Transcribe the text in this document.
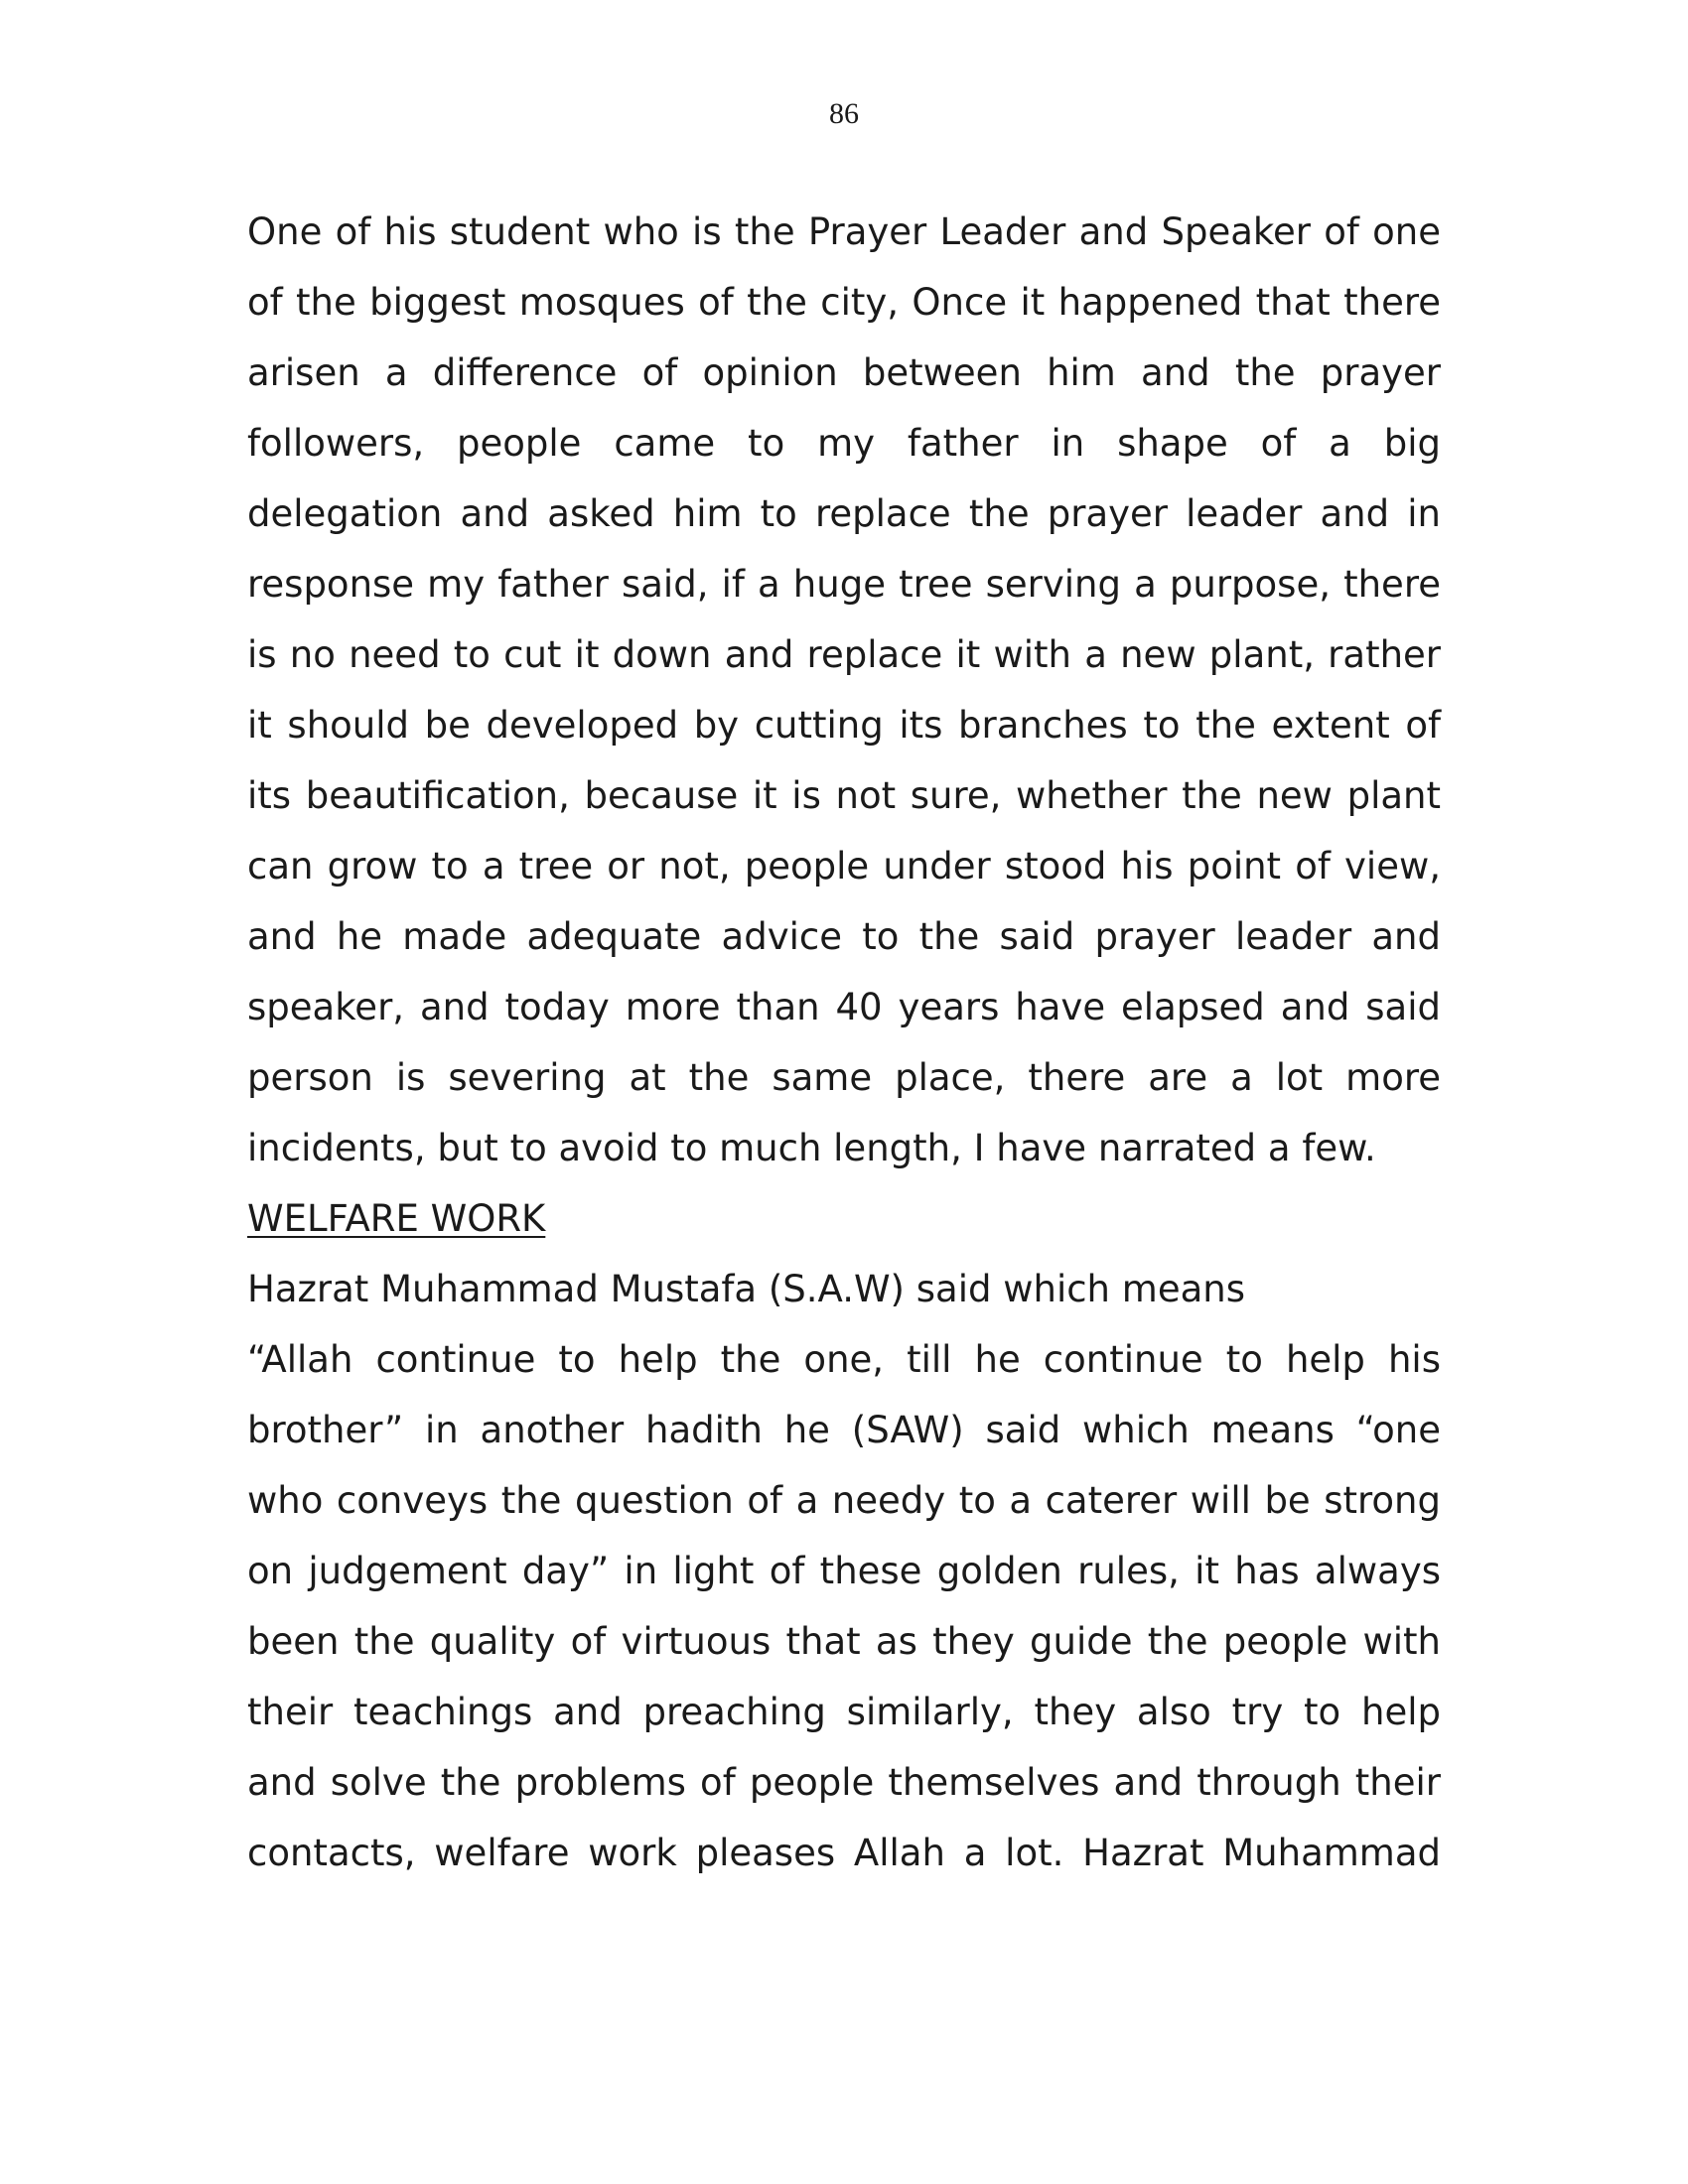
86
One of his student who is the Prayer Leader and Speaker of one
of the biggest mosques of the city, Once it happened that there
arisen a difference of opinion between him and the prayer
followers, people came to my father in shape of a big
delegation and asked him to replace the prayer leader and in
response my father said, if a huge tree serving a purpose, there
is no need to cut it down and replace it with a new plant, rather
it should be developed by cutting its branches to the extent of
its beautification, because it is not sure, whether the new plant
can grow to a tree or not, people under stood his point of view,
and he made adequate advice to the said prayer leader and
speaker, and today more than 40 years have elapsed and said
person is severing at the same place, there are a lot more
incidents, but to avoid to much length, I have narrated a few.
WELFARE WORK
Hazrat Muhammad Mustafa (S.A.W) said which means
“Allah continue to help the one, till he continue to help his
brother” in another hadith he (SAW) said which means “one
who conveys the question of a needy to a caterer will be strong
on judgement day” in light of these golden rules, it has always
been the quality of virtuous that as they guide the people with
their teachings and preaching similarly, they also try to help
and solve the problems of people themselves and through their
contacts, welfare work pleases Allah a lot. Hazrat Muhammad
